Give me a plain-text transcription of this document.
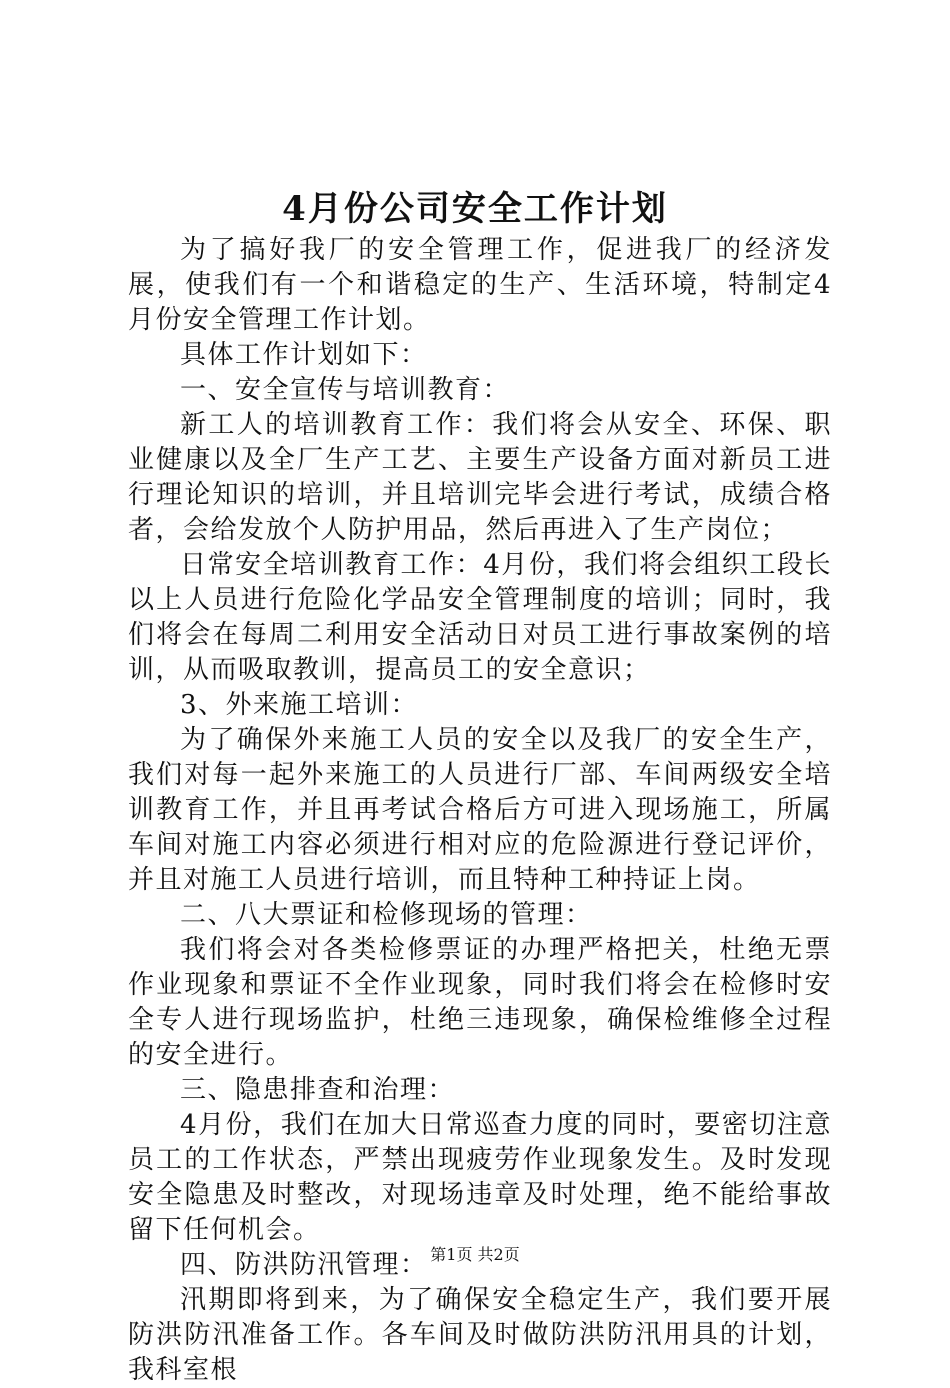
4月份公司安全工作计划

为了搞好我厂的安全管理工作，促进我厂的经济发展，使我们有一个和谐稳定的生产、生活环境，特制定4月份安全管理工作计划。

具体工作计划如下：

一、安全宣传与培训教育：

新工人的培训教育工作：我们将会从安全、环保、职业健康以及全厂生产工艺、主要生产设备方面对新员工进行理论知识的培训，并且培训完毕会进行考试，成绩合格者，会给发放个人防护用品，然后再进入了生产岗位；

日常安全培训教育工作：4月份，我们将会组织工段长以上人员进行危险化学品安全管理制度的培训；同时，我们将会在每周二利用安全活动日对员工进行事故案例的培训，从而吸取教训，提高员工的安全意识；

3、外来施工培训：

为了确保外来施工人员的安全以及我厂的安全生产，我们对每一起外来施工的人员进行厂部、车间两级安全培训教育工作，并且再考试合格后方可进入现场施工，所属车间对施工内容必须进行相对应的危险源进行登记评价，并且对施工人员进行培训，而且特种工种持证上岗。

二、八大票证和检修现场的管理：

我们将会对各类检修票证的办理严格把关，杜绝无票作业现象和票证不全作业现象，同时我们将会在检修时安全专人进行现场监护，杜绝三违现象，确保检维修全过程的安全进行。

三、隐患排查和治理：

4月份，我们在加大日常巡查力度的同时，要密切注意员工的工作状态，严禁出现疲劳作业现象发生。及时发现安全隐患及时整改，对现场违章及时处理，绝不能给事故留下任何机会。

四、防洪防汛管理：

汛期即将到来，为了确保安全稳定生产，我们要开展防洪防汛准备工作。各车间及时做防洪防汛用具的计划，我科室根

第1页 共2页
